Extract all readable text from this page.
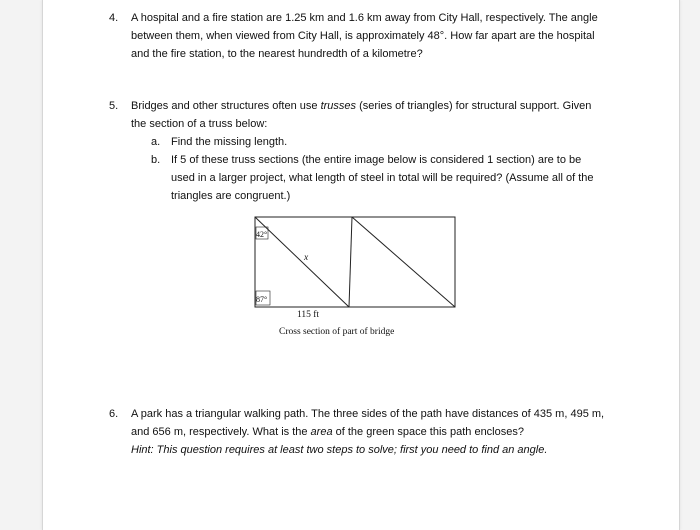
4.	A hospital and a fire station are 1.25 km and 1.6 km away from City Hall, respectively. The angle

between them, when viewed from City Hall, is approximately 48°. How far apart are the hospital

and the fire station, to the nearest hundredth of a kilometre?

5.	Bridges and other structures often use trusses (series of triangles) for structural support. Given

the section of a truss below:

a. Find the missing length.
b. If 5 of these truss sections (the entire image below is considered 1 section) are to be
used in a larger project, what length of steel in total will be required? (Assume all of the
triangles are congruent.)
42°
87°
x
115 ft
Cross section of part of bridge
6.	A park has a triangular walking path. The three sides of the path have distances of 435 m, 495 m,

and 656 m, respectively. What is the area of the green space this path encloses?

Hint: This question requires at least two steps to solve; first you need to find an angle.
